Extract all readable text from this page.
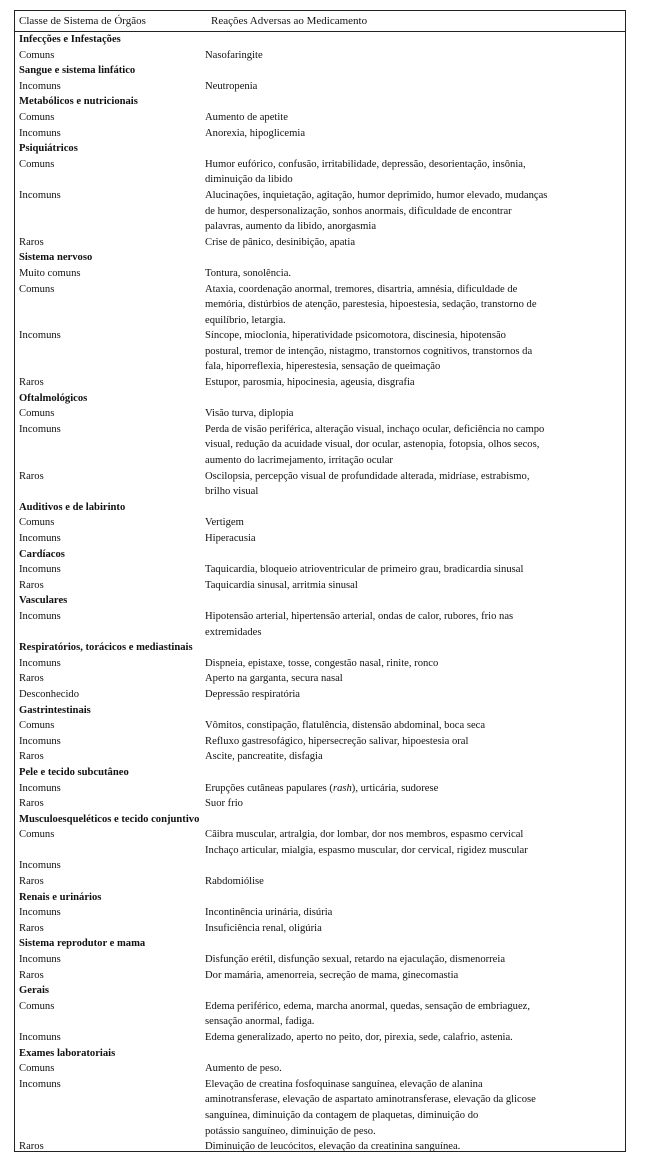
Classe de Sistema de Órgãos	Reações Adversas ao Medicamento
Infecções e Infestações
Comuns	Nasofaringite
Sangue e sistema linfático
Incomuns	Neutropenia
Metabólicos e nutricionais
Comuns	Aumento de apetite
Incomuns	Anorexia, hipoglicemia
Psiquiátricos
Comuns	Humor eufórico, confusão, irritabilidade, depressão, desorientação, insônia,
diminuição da libido
Incomuns	Alucinações, inquietação, agitação, humor deprimido, humor elevado, mudanças
de humor, despersonalização, sonhos anormais, dificuldade de encontrar
palavras, aumento da libido, anorgasmia
Raros	Crise de pânico, desinibição, apatia
Sistema nervoso
Muito comuns	Tontura, sonolência.
Comuns	Ataxia, coordenação anormal, tremores, disartria, amnésia, dificuldade de
memória, distúrbios de atenção, parestesia, hipoestesia, sedação, transtorno de
equilíbrio, letargia.
Incomuns	Síncope, mioclonia, hiperatividade psicomotora, discinesia, hipotensão
postural, tremor de intenção, nistagmo, transtornos cognitivos, transtornos da
fala, hiporreflexia, hiperestesia, sensação de queimação
Raros	Estupor, parosmia, hipocinesia, ageusia, disgrafia
Oftalmológicos
Comuns	Visão turva, diplopia
Incomuns	Perda de visão periférica, alteração visual, inchaço ocular, deficiência no campo
visual, redução da acuidade visual, dor ocular, astenopia, fotopsia, olhos secos,
aumento do lacrimejamento, irritação ocular
Raros	Oscilopsia, percepção visual de profundidade alterada, midríase, estrabismo,
brilho visual
Auditivos e de labirinto
Comuns	Vertigem
Incomuns	Hiperacusia
Cardíacos
Incomuns	Taquicardia, bloqueio atrioventricular de primeiro grau, bradicardia sinusal
Raros	Taquicardia sinusal, arritmia sinusal
Vasculares
Incomuns	Hipotensão arterial, hipertensão arterial, ondas de calor, rubores, frio nas
extremidades
Respiratórios, torácicos e mediastinais
Incomuns	Dispneia, epistaxe, tosse, congestão nasal, rinite, ronco
Raros	Aperto na garganta, secura nasal
Desconhecido	Depressão respiratória
Gastrintestinais
Comuns	Vômitos, constipação, flatulência, distensão abdominal, boca seca
Incomuns	Refluxo gastresofágico, hipersecreção salivar, hipoestesia oral
Raros	Ascite, pancreatite, disfagia
Pele e tecido subcutâneo
Incomuns	Erupções cutâneas papulares (rash), urticária, sudorese
Raros	Suor frio
Musculoesqueléticos e tecido conjuntivo
Comuns	Câibra muscular, artralgia, dor lombar, dor nos membros, espasmo cervical
Inchaço articular, mialgia, espasmo muscular, dor cervical, rigidez muscular
Incomuns

Raros	Rabdomiólise
Renais e urinários
Incomuns	Incontinência urinária, disúria
Raros	Insuficiência renal, oligúria
Sistema reprodutor e mama
Incomuns	Disfunção erétil, disfunção sexual, retardo na ejaculação, dismenorreia
Raros	Dor mamária, amenorreia, secreção de mama, ginecomastia
Gerais
Comuns	Edema periférico, edema, marcha anormal, quedas, sensação de embriaguez,
sensação anormal, fadiga.
Incomuns	Edema generalizado, aperto no peito, dor, pirexia, sede, calafrio, astenia.
Exames laboratoriais
Comuns	Aumento de peso.
Incomuns	Elevação de creatina fosfoquinase sanguínea, elevação de alanina
aminotransferase, elevação de aspartato aminotransferase, elevação da glicose
sanguínea, diminuição da contagem de plaquetas, diminuição do
potássio sanguíneo, diminuição de peso.
Raros	Diminuição de leucócitos, elevação da creatinina sanguínea.
